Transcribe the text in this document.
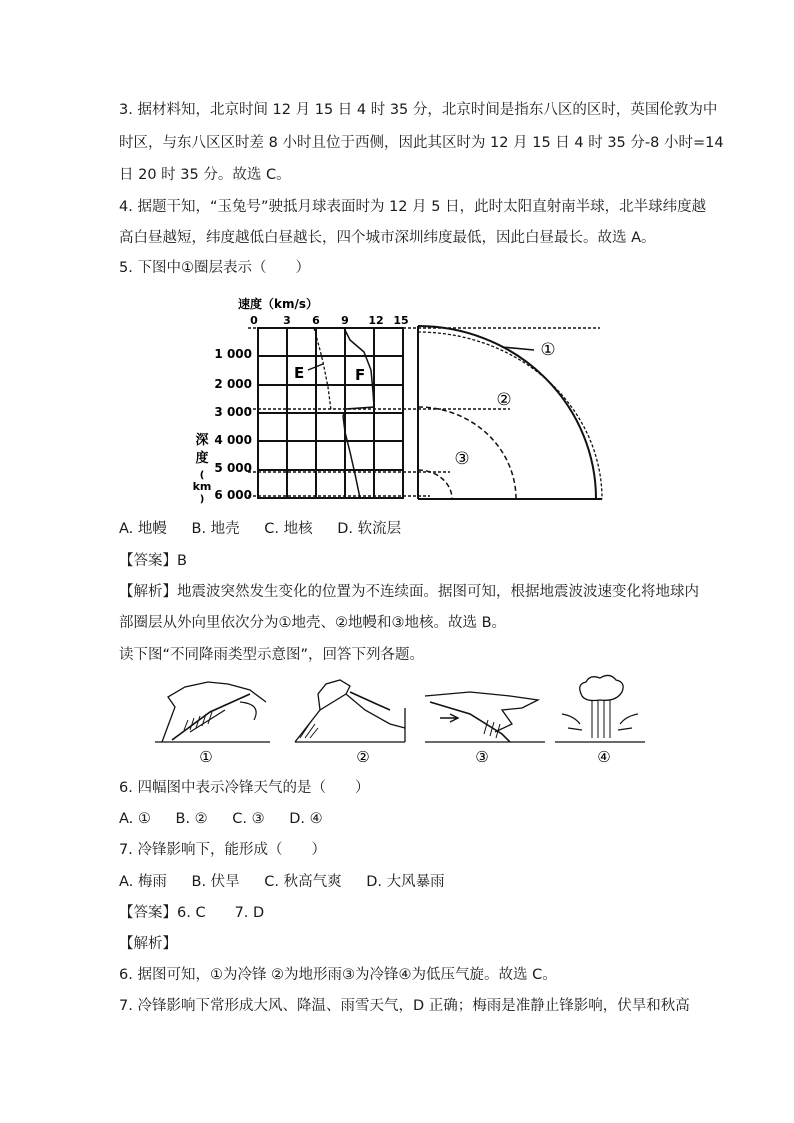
3. 据材料知，北京时间 12 月 15 日 4 时 35 分，北京时间是指东八区的区时，英国伦敦为中
时区，与东八区区时差 8 小时且位于西侧，因此其区时为 12 月 15 日 4 时 35 分-8 小时=14
日 20 时 35 分。故选 C。
4. 据题干知，“玉兔号”驶抵月球表面时为 12 月 5 日，此时太阳直射南半球，北半球纬度越
高白昼越短，纬度越低白昼越长，四个城市深圳纬度最低，因此白昼最长。故选 A。
5. 下图中①圈层表示（　　）
速度（km/s）
0 3 6 9 12 15
1 000
2 000
3 000
4 000
5 000
6 000
深
度
(
km
)
E	F
①
②
③
A. 地幔 B. 地壳 C. 地核 D. 软流层
【答案】B
【解析】地震波突然发生变化的位置为不连续面。据图可知，根据地震波波速变化将地球内
部圈层从外向里依次分为①地壳、②地幔和③地核。故选 B。
读下图“不同降雨类型示意图”，回答下列各题。
①	②	③	④
6. 四幅图中表示冷锋天气的是（　　）
A. ① B. ② C. ③ D. ④
7. 冷锋影响下，能形成（　　）
A. 梅雨 B. 伏旱 C. 秋高气爽 D. 大风暴雨
【答案】6. C　　7. D
【解析】
6. 据图可知，①为冷锋 ②为地形雨③为冷锋④为低压气旋。故选 C。
7. 冷锋影响下常形成大风、降温、雨雪天气，D 正确；梅雨是准静止锋影响，伏旱和秋高
